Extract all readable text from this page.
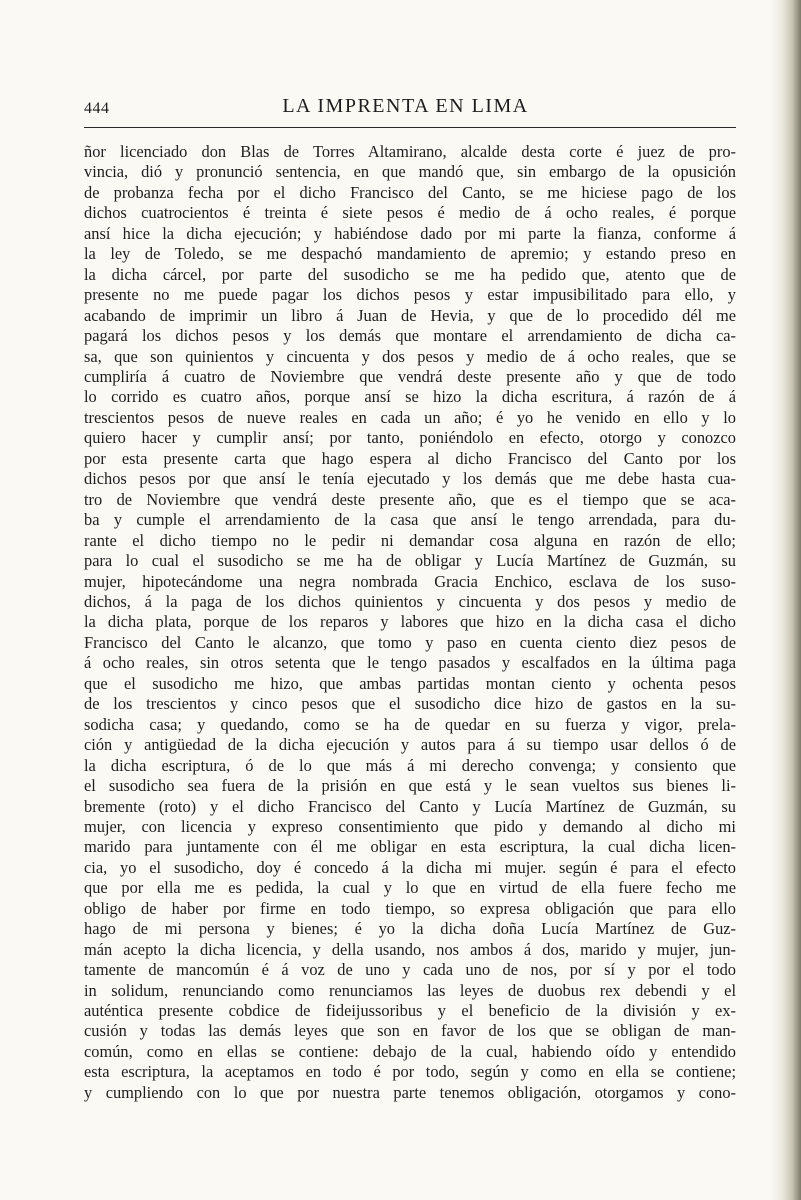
444	LA IMPRENTA EN LIMA
ñor licenciado don Blas de Torres Altamirano, alcalde desta corte é juez de pro-
vincia, dió y pronunció sentencia, en que mandó que, sin embargo de la opusición
de probanza fecha por el dicho Francisco del Canto, se me hiciese pago de los
dichos cuatrocientos é treinta é siete pesos é medio de á ocho reales, é porque
ansí hice la dicha ejecución; y habiéndose dado por mi parte la fianza, conforme á
la ley de Toledo, se me despachó mandamiento de apremio; y estando preso en
la dicha cárcel, por parte del susodicho se me ha pedido que, atento que de
presente no me puede pagar los dichos pesos y estar impusibilitado para ello, y
acabando de imprimir un libro á Juan de Hevia, y que de lo procedido dél me
pagará los dichos pesos y los demás que montare el arrendamiento de dicha ca-
sa, que son quinientos y cincuenta y dos pesos y medio de á ocho reales, que se
cumpliría á cuatro de Noviembre que vendrá deste presente año y que de todo
lo corrido es cuatro años, porque ansí se hizo la dicha escritura, á razón de á
trescientos pesos de nueve reales en cada un año; é yo he venido en ello y lo
quiero hacer y cumplir ansí; por tanto, poniéndolo en efecto, otorgo y conozco
por esta presente carta que hago espera al dicho Francisco del Canto por los
dichos pesos por que ansí le tenía ejecutado y los demás que me debe hasta cua-
tro de Noviembre que vendrá deste presente año, que es el tiempo que se aca-
ba y cumple el arrendamiento de la casa que ansí le tengo arrendada, para du-
rante el dicho tiempo no le pedir ni demandar cosa alguna en razón de ello;
para lo cual el susodicho se me ha de obligar y Lucía Martínez de Guzmán, su
mujer, hipotecándome una negra nombrada Gracia Enchico, esclava de los suso-
dichos, á la paga de los dichos quinientos y cincuenta y dos pesos y medio de
la dicha plata, porque de los reparos y labores que hizo en la dicha casa el dicho
Francisco del Canto le alcanzo, que tomo y paso en cuenta ciento diez pesos de
á ocho reales, sin otros setenta que le tengo pasados y escalfados en la última paga
que el susodicho me hizo, que ambas partidas montan ciento y ochenta pesos
de los trescientos y cinco pesos que el susodicho dice hizo de gastos en la su-
sodicha casa; y quedando, como se ha de quedar en su fuerza y vigor, prela-
ción y antigüedad de la dicha ejecución y autos para á su tiempo usar dellos ó de
la dicha escriptura, ó de lo que más á mi derecho convenga; y consiento que
el susodicho sea fuera de la prisión en que está y le sean vueltos sus bienes li-
bremente (roto) y el dicho Francisco del Canto y Lucía Martínez de Guzmán, su
mujer, con licencia y expreso consentimiento que pido y demando al dicho mi
marido para juntamente con él me obligar en esta escriptura, la cual dicha licen-
cia, yo el susodicho, doy é concedo á la dicha mi mujer. según é para el efecto
que por ella me es pedida, la cual y lo que en virtud de ella fuere fecho me
obligo de haber por firme en todo tiempo, so expresa obligación que para ello
hago de mi persona y bienes; é yo la dicha doña Lucía Martínez de Guz-
mán acepto la dicha licencia, y della usando, nos ambos á dos, marido y mujer, jun-
tamente de mancomún é á voz de uno y cada uno de nos, por sí y por el todo
in solidum, renunciando como renunciamos las leyes de duobus rex debendi y el
auténtica presente cobdice de fideijussoribus y el beneficio de la división y ex-
cusión y todas las demás leyes que son en favor de los que se obligan de man-
común, como en ellas se contiene: debajo de la cual, habiendo oído y entendido
esta escriptura, la aceptamos en todo é por todo, según y como en ella se contiene;
y cumpliendo con lo que por nuestra parte tenemos obligación, otorgamos y cono-
